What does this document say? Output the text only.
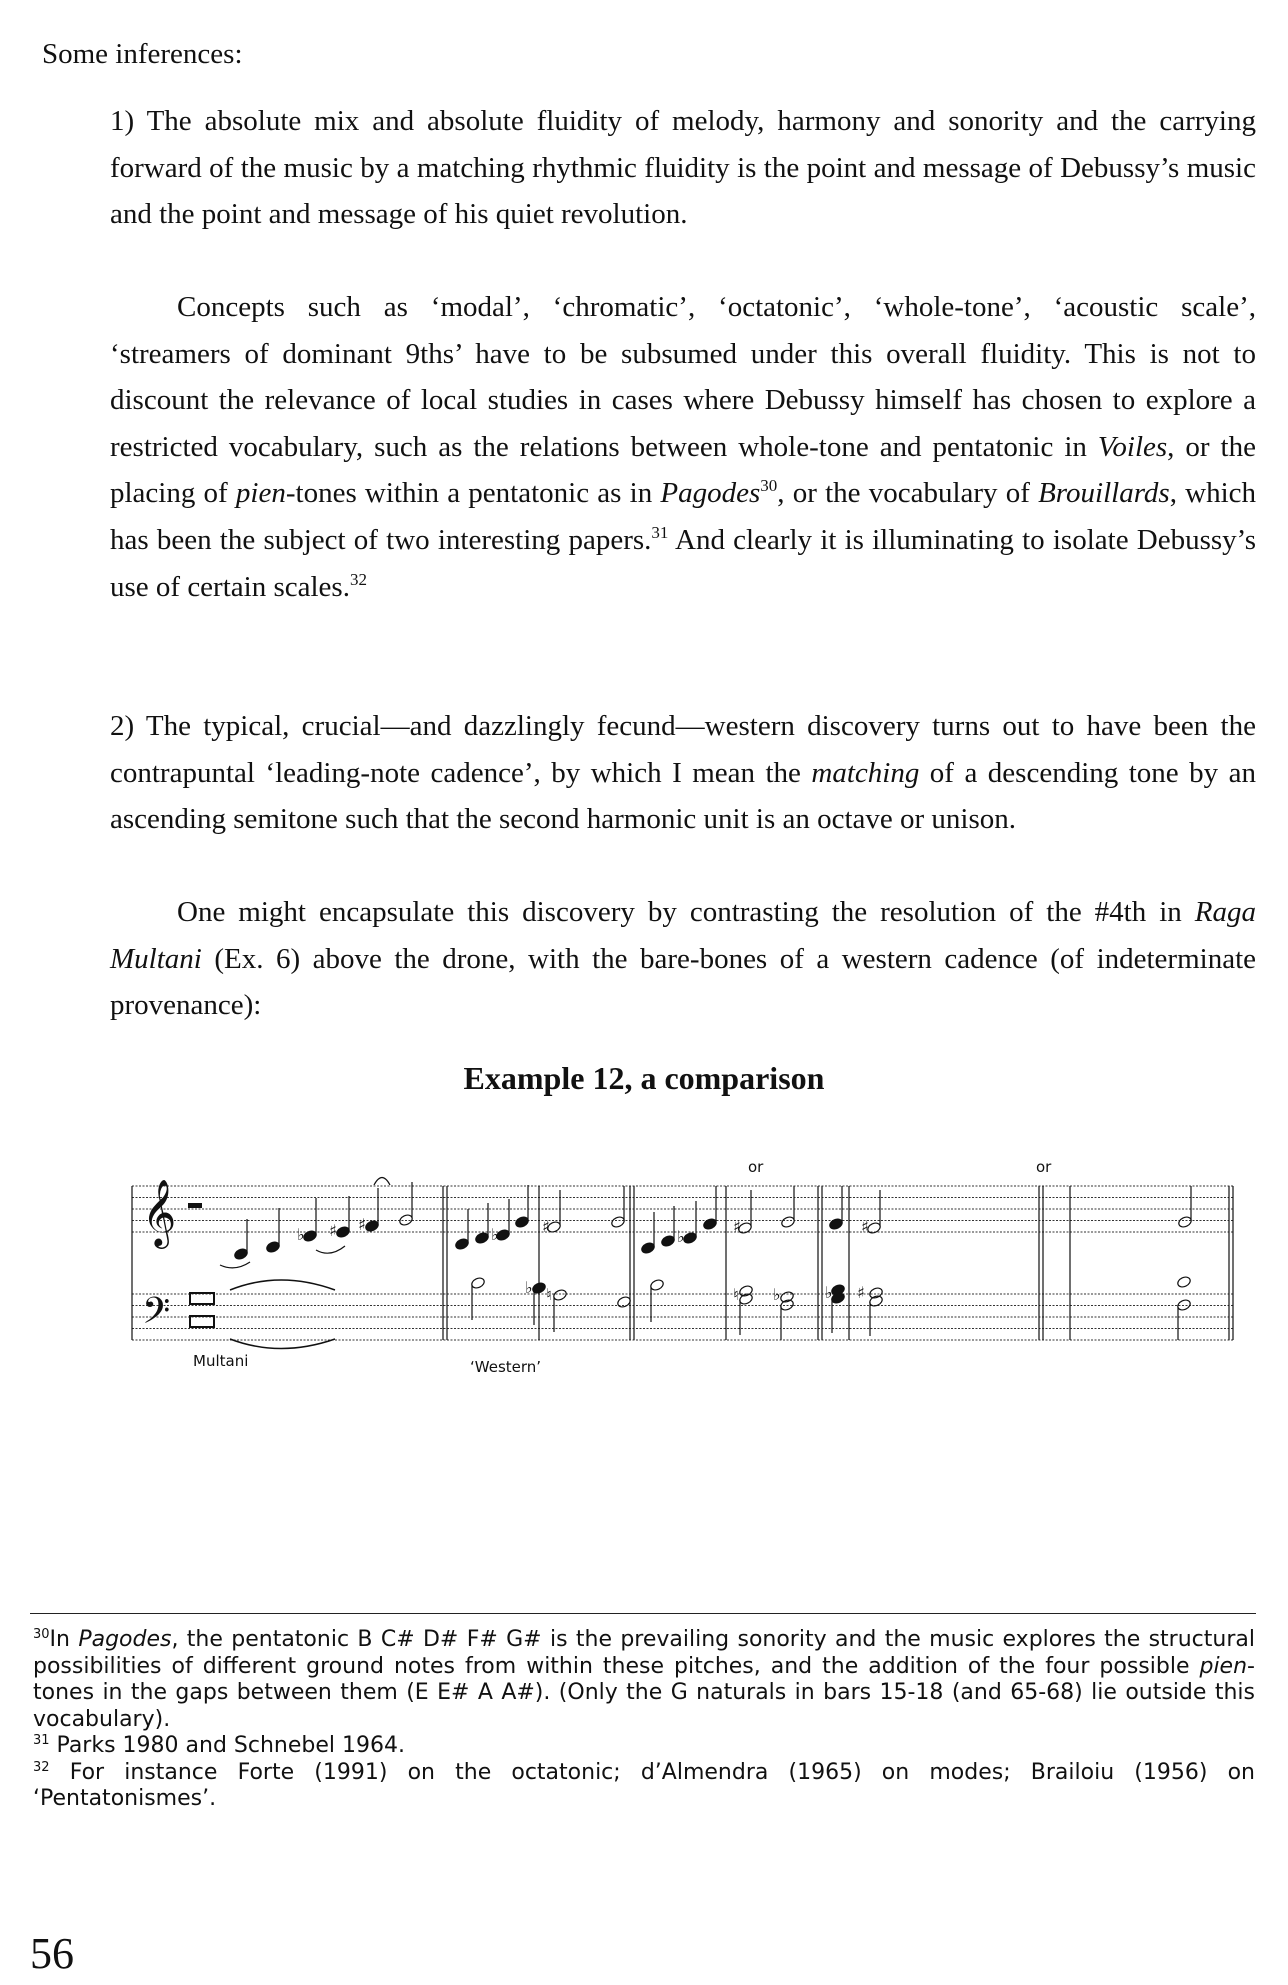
Some inferences:

1) The absolute mix and absolute fluidity of melody, harmony and sonority and the carrying forward of the music by a matching rhythmic fluidity is the point and message of Debussy’s music and the point and message of his quiet revolution.

Concepts such as ‘modal’, ‘chromatic’, ‘octatonic’, ‘whole-tone’, ‘acoustic scale’, ‘streamers of dominant 9ths’ have to be subsumed under this overall fluidity. This is not to discount the relevance of local studies in cases where Debussy himself has chosen to explore a restricted vocabulary, such as the relations between whole-tone and pentatonic in Voiles, or the placing of pien-tones within a pentatonic as in Pagodes$^{30}$, or the vocabulary of Brouillards, which has been the subject of two interesting papers.$^{31}$ And clearly it is illuminating to isolate Debussy’s use of certain scales.$^{32}$

2) The typical, crucial—and dazzlingly fecund—western discovery turns out to have been the contrapuntal ‘leading-note cadence’, by which I mean the matching of a descending tone by an ascending semitone such that the second harmonic unit is an octave or unison.

One might encapsulate this discovery by contrasting the resolution of the #4th in Raga Multani (Ex. 6) above the drone, with the bare-bones of a western cadence (of indeterminate provenance):

Example 12, a comparison
or	or
Multani	‘Western’
𝄞
𝄢
♭ ♯ ♯
♭	♯
♭ ♮
♭
♯
♮ ♭
♯
♭ ♯

$^{30}$In Pagodes, the pentatonic B C# D# F# G# is the prevailing sonority and the music explores the structural possibilities of different ground notes from within these pitches, and the addition of the four possible pien-tones in the gaps between them (E E# A A#). (Only the G naturals in bars 15-18 (and 65-68) lie outside this vocabulary).

$^{31}$ Parks 1980 and Schnebel 1964.

$^{32}$ For instance Forte (1991) on the octatonic; d’Almendra (1965) on modes; Brailoiu (1956) on ‘Pentatonismes’.

56
